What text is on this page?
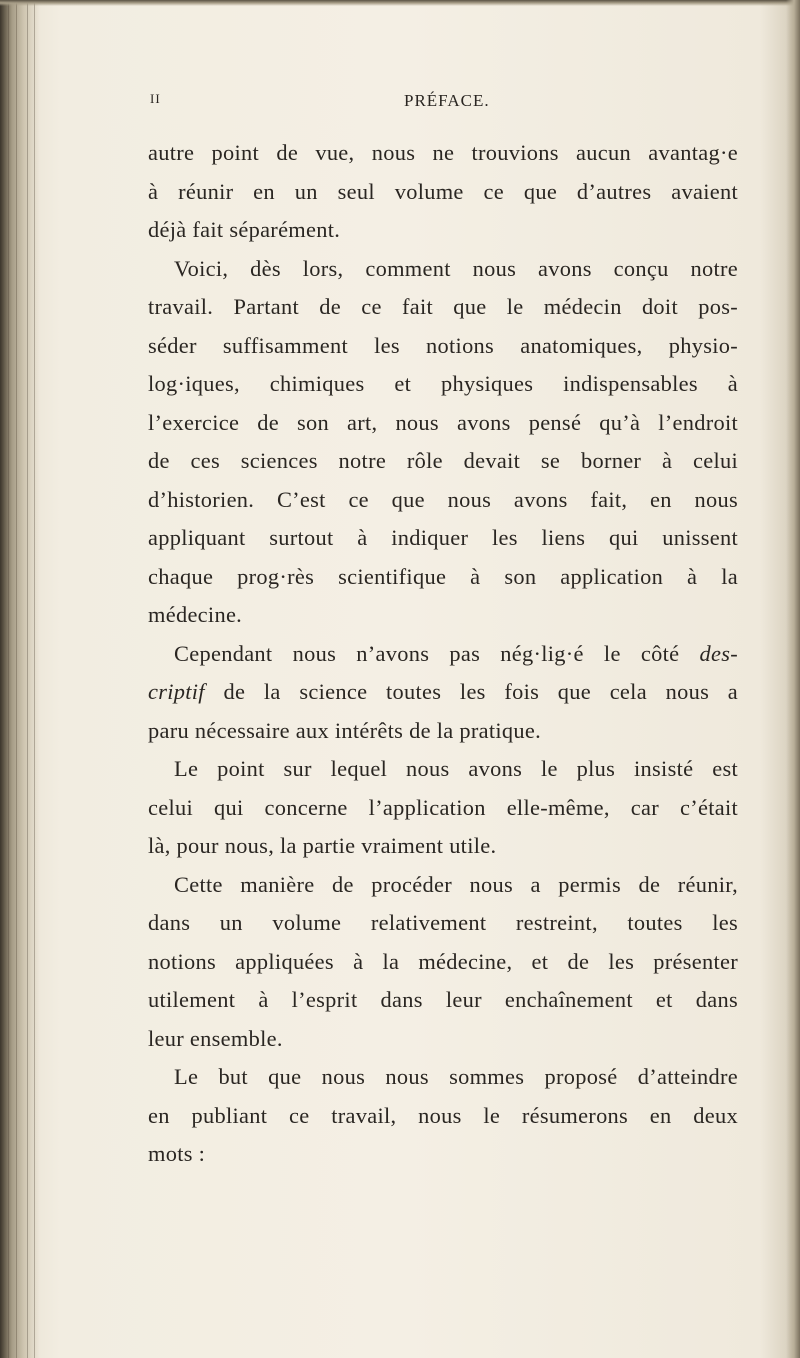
II	PRÉFACE.
autre point de vue, nous ne trouvions aucun avantag·e
à réunir en un seul volume ce que d’autres avaient
déjà fait séparément.
Voici, dès lors, comment nous avons conçu notre
travail. Partant de ce fait que le médecin doit pos-
séder suffisamment les notions anatomiques, physio-
log·iques, chimiques et physiques indispensables à
l’exercice de son art, nous avons pensé qu’à l’endroit
de ces sciences notre rôle devait se borner à celui
d’historien. C’est ce que nous avons fait, en nous
appliquant surtout à indiquer les liens qui unissent
chaque prog·rès scientifique à son application à la
médecine.
Cependant nous n’avons pas nég·lig·é le côté des-
criptif de la science toutes les fois que cela nous a
paru nécessaire aux intérêts de la pratique.
Le point sur lequel nous avons le plus insisté est
celui qui concerne l’application elle-même, car c’était
là, pour nous, la partie vraiment utile.
Cette manière de procéder nous a permis de réunir,
dans un volume relativement restreint, toutes les
notions appliquées à la médecine, et de les présenter
utilement à l’esprit dans leur enchaînement et dans
leur ensemble.
Le but que nous nous sommes proposé d’atteindre
en publiant ce travail, nous le résumerons en deux
mots :
